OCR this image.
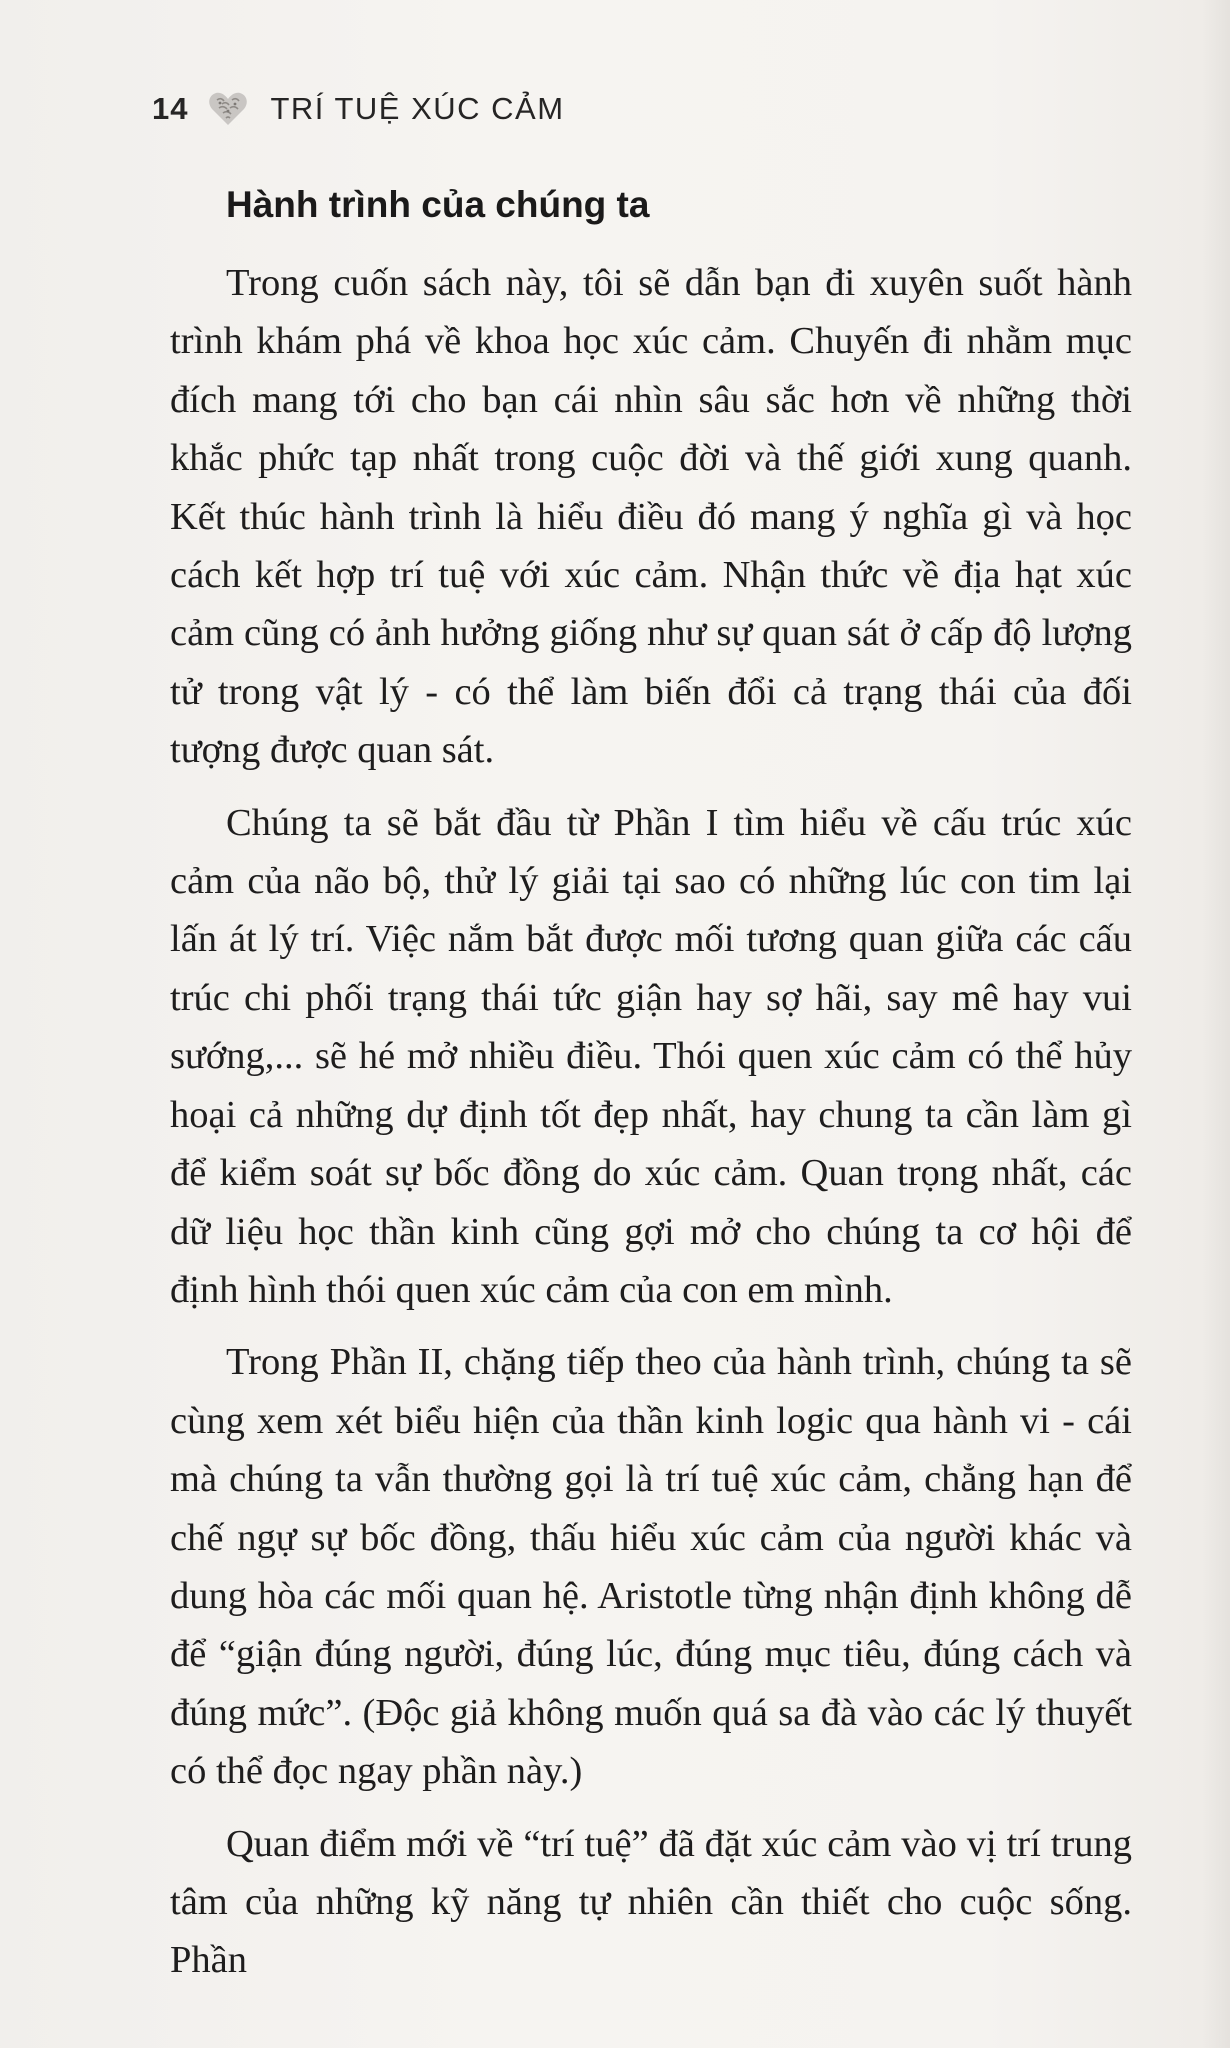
14	TRÍ TUỆ XÚC CẢM
Hành trình của chúng ta

Trong cuốn sách này, tôi sẽ dẫn bạn đi xuyên suốt hành trình khám phá về khoa học xúc cảm. Chuyến đi nhằm mục đích mang tới cho bạn cái nhìn sâu sắc hơn về những thời khắc phức tạp nhất trong cuộc đời và thế giới xung quanh. Kết thúc hành trình là hiểu điều đó mang ý nghĩa gì và học cách kết hợp trí tuệ với xúc cảm. Nhận thức về địa hạt xúc cảm cũng có ảnh hưởng giống như sự quan sát ở cấp độ lượng tử trong vật lý - có thể làm biến đổi cả trạng thái của đối tượng được quan sát.

Chúng ta sẽ bắt đầu từ Phần I tìm hiểu về cấu trúc xúc cảm của não bộ, thử lý giải tại sao có những lúc con tim lại lấn át lý trí. Việc nắm bắt được mối tương quan giữa các cấu trúc chi phối trạng thái tức giận hay sợ hãi, say mê hay vui sướng,... sẽ hé mở nhiều điều. Thói quen xúc cảm có thể hủy hoại cả những dự định tốt đẹp nhất, hay chung ta cần làm gì để kiểm soát sự bốc đồng do xúc cảm. Quan trọng nhất, các dữ liệu học thần kinh cũng gợi mở cho chúng ta cơ hội để định hình thói quen xúc cảm của con em mình.

Trong Phần II, chặng tiếp theo của hành trình, chúng ta sẽ cùng xem xét biểu hiện của thần kinh logic qua hành vi - cái mà chúng ta vẫn thường gọi là trí tuệ xúc cảm, chẳng hạn để chế ngự sự bốc đồng, thấu hiểu xúc cảm của người khác và dung hòa các mối quan hệ. Aristotle từng nhận định không dễ để “giận đúng người, đúng lúc, đúng mục tiêu, đúng cách và đúng mức”. (Độc giả không muốn quá sa đà vào các lý thuyết có thể đọc ngay phần này.)

Quan điểm mới về “trí tuệ” đã đặt xúc cảm vào vị trí trung tâm của những kỹ năng tự nhiên cần thiết cho cuộc sống. Phần
